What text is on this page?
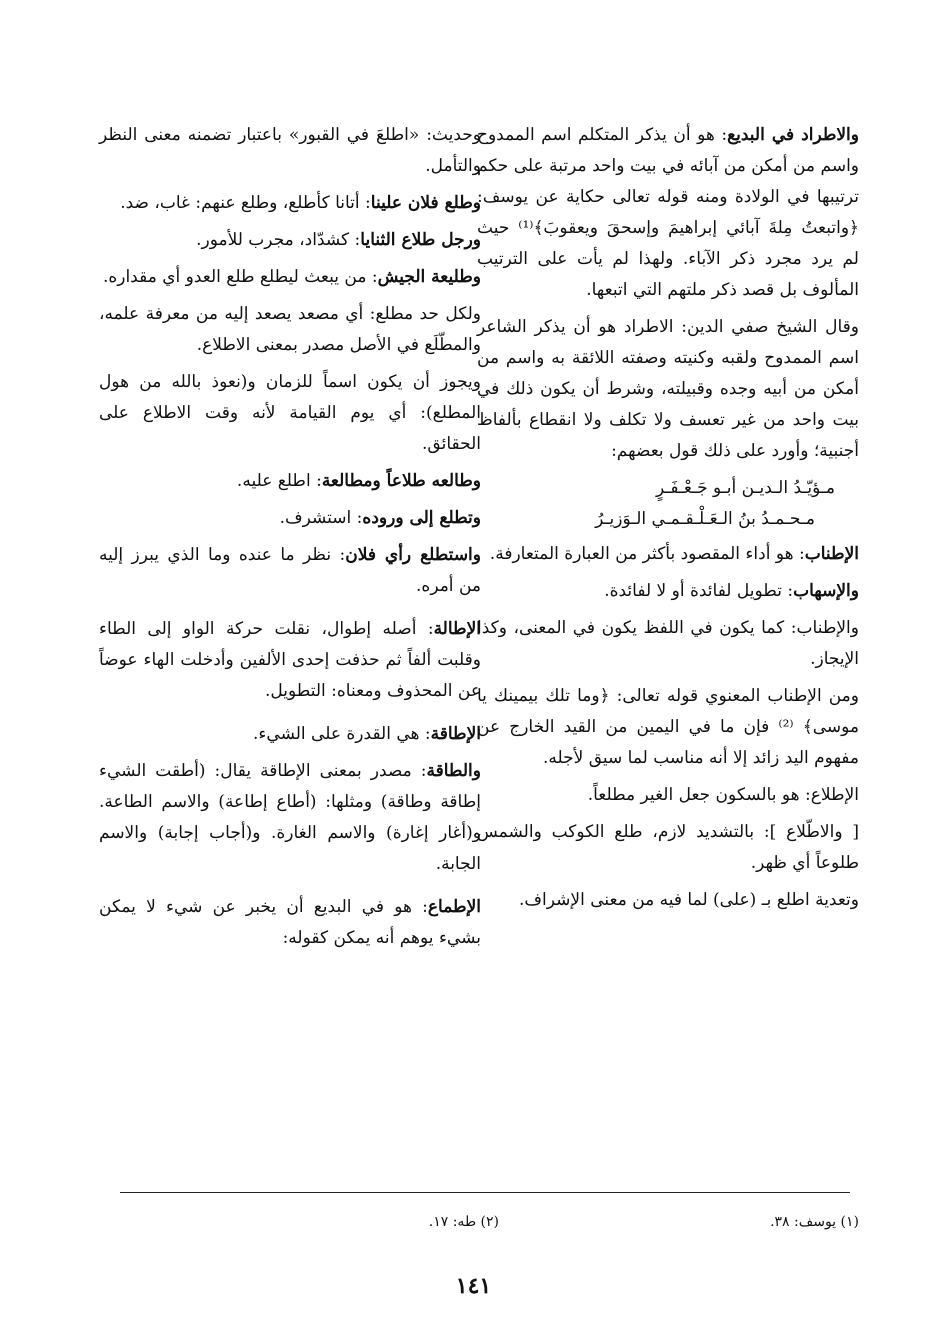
والاطراد في البديع: هو أن يذكر المتكلم اسم الممدوح واسم من أمكن من آبائه في بيت واحد مرتبة على حكم ترتيبها في الولادة ومنه قوله تعالى حكاية عن يوسف: ﴿واتبعتُ مِلةَ آبائي إبراهيمَ وإسحقَ ويعقوبَ﴾⁽¹⁾ حيث لم يرد مجرد ذكر الآباء. ولهذا لم يأت على الترتيب المألوف بل قصد ذكر ملتهم التي اتبعها.

وقال الشيخ صفي الدين: الاطراد هو أن يذكر الشاعر اسم الممدوح ولقبه وكنيته وصفته اللائقة به واسم من أمكن من أبيه وجده وقبيلته، وشرط أن يكون ذلك في بيت واحد من غير تعسف ولا تكلف ولا انقطاع بألفاظ أجنبية؛ وأورد على ذلك قول بعضهم:

مـؤيّـدُ الـديـن أبـو جَـعْـفَـرٍ
مـحـمـدُ بنُ الـعَـلْـقـمـي الـوَزيـرُ

الإطناب: هو أداء المقصود بأكثر من العبارة المتعارفة.

والإسهاب: تطويل لفائدة أو لا لفائدة.

والإطناب: كما يكون في اللفظ يكون في المعنى، وكذا الإيجاز.

ومن الإطناب المعنوي قوله تعالى: ﴿وما تلك بيمينك يا موسى﴾ ⁽²⁾ فإن ما في اليمين من القيد الخارج عن مفهوم اليد زائد إلا أنه مناسب لما سيق لأجله.

الإطلاع: هو بالسكون جعل الغير مطلعاً.

[ والاطّلاع ]: بالتشديد لازم، طلع الكوكب والشمس طلوعاً أي ظهر.

وتعدية اطلع بـ (على) لما فيه من معنى الإشراف.

وحديث: «اطلعَ في القبور» باعتبار تضمنه معنى النظر والتأمل.

وطلع فلان علينا: أتانا كأطلع، وطلع عنهم: غاب، ضد.

ورجل طلاع الثنايا: كشدّاد، مجرب للأمور.

وطليعة الجيش: من يبعث ليطلع طلع العدو أي مقداره.

ولكل حد مطلع: أي مصعد يصعد إليه من معرفة علمه، والمطّلَع في الأصل مصدر بمعنى الاطلاع.

ويجوز أن يكون اسماً للزمان و(نعوذ بالله من هول المطلع): أي يوم القيامة لأنه وقت الاطلاع على الحقائق.

وطالعه طلاعاً ومطالعة: اطلع عليه.

وتطلع إلى وروده: استشرف.

واستطلع رأي فلان: نظر ما عنده وما الذي يبرز إليه من أمره.

الإطالة: أصله إطوال، نقلت حركة الواو إلى الطاء وقلبت ألفاً ثم حذفت إحدى الألفين وأدخلت الهاء عوضاً عن المحذوف ومعناه: التطويل.

الإطاقة: هي القدرة على الشيء.

والطاقة: مصدر بمعنى الإطاقة يقال: (أطقت الشيء إطاقة وطاقة) ومثلها: (أطاع إطاعة) والاسم الطاعة. و(أغار إغارة) والاسم الغارة. و(أجاب إجابة) والاسم الجابة.

الإطماع: هو في البديع أن يخبر عن شيء لا يمكن بشيء يوهم أنه يمكن كقوله:

(١) يوسف: ٣٨.
(٢) طه: ١٧.
١٤١
